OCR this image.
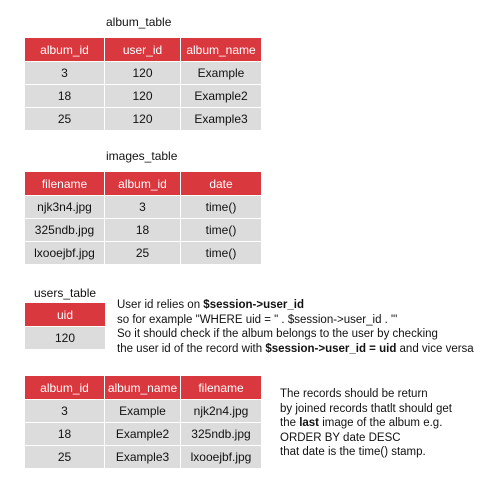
album_table
album_id	user_id	album_name
3	120	Example
18	120	Example2
25	120	Example3
images_table
filename	album_id	date
njk3n4.jpg	3	time()
325ndb.jpg	18	time()
lxooejbf.jpg	25	time()
users_table
uid
120
User id relies on $session->user_id
so for example "WHERE uid = " . $session->user_id . "'
So it should check if the album belongs to the user by checking
the user id of the record with $session->user_id = uid and vice versa
album_id	album_name	filename
3	Example	njk2n4.jpg
18	Example2	325ndb.jpg
25	Example3	lxooejbf.jpg
The records should be return
by joined records thatlt should get
the last image of the album e.g.
ORDER BY date DESC
that date is the time() stamp.
